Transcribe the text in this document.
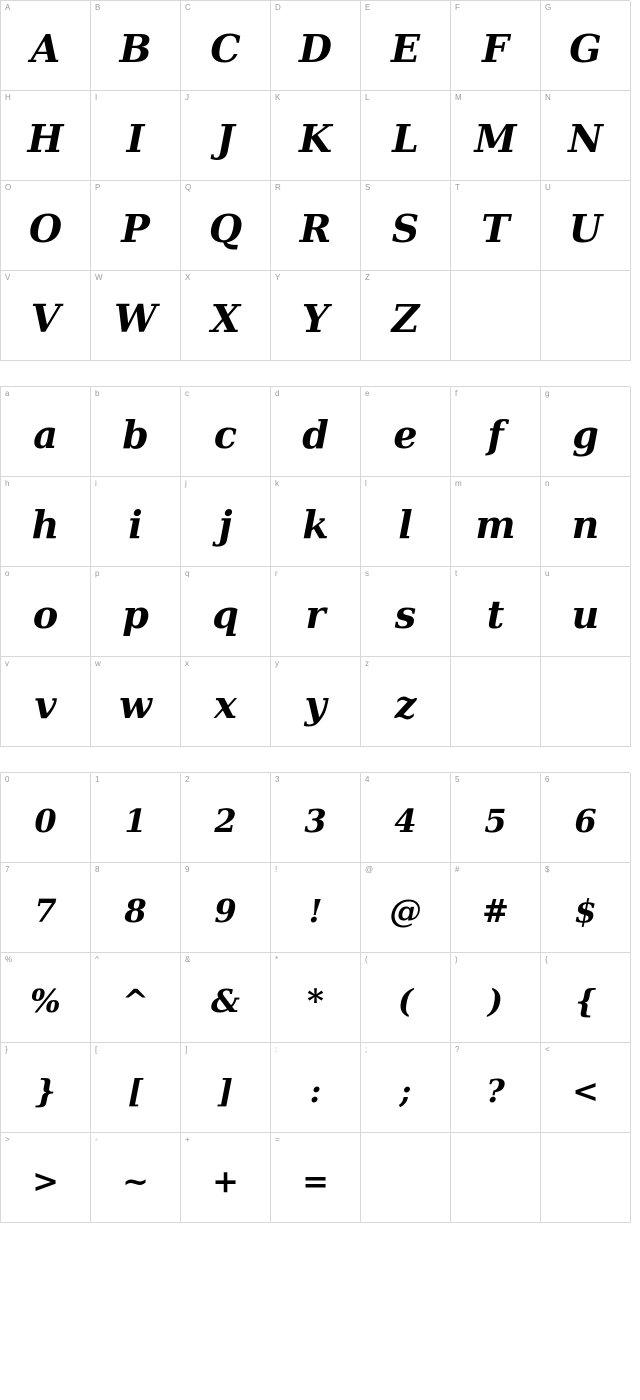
A
A
B
B
C
C
D
D
E
E
F
F
G
G
H
H
I
I
J
J
K
K
L
L
M
M
N
N
O
O
P
P
Q
Q
R
R
S
S
T
T
U
U
V
V
W
W
X
X
Y
Y
Z
Z
a
a
b
b
c
c
d
d
e
e
f
f
g
g
h
h
i
i
j
j
k
k
l
l
m
m
n
n
o
o
p
p
q
q
r
r
s
s
t
t
u
u
v
v
w
w
x
x
y
y
z
z
0
0
1
1
2
2
3
3
4
4
5
5
6
6
7
7
8
8
9
9
!
!
@
@
#
#
$
$
%
%
^
^
&
&
*
*
(
(
)
)
{
{
}
}
[
[
]
]
:
:
;
;
?
?
<
<
>
>
-
~
+
+
=
=
